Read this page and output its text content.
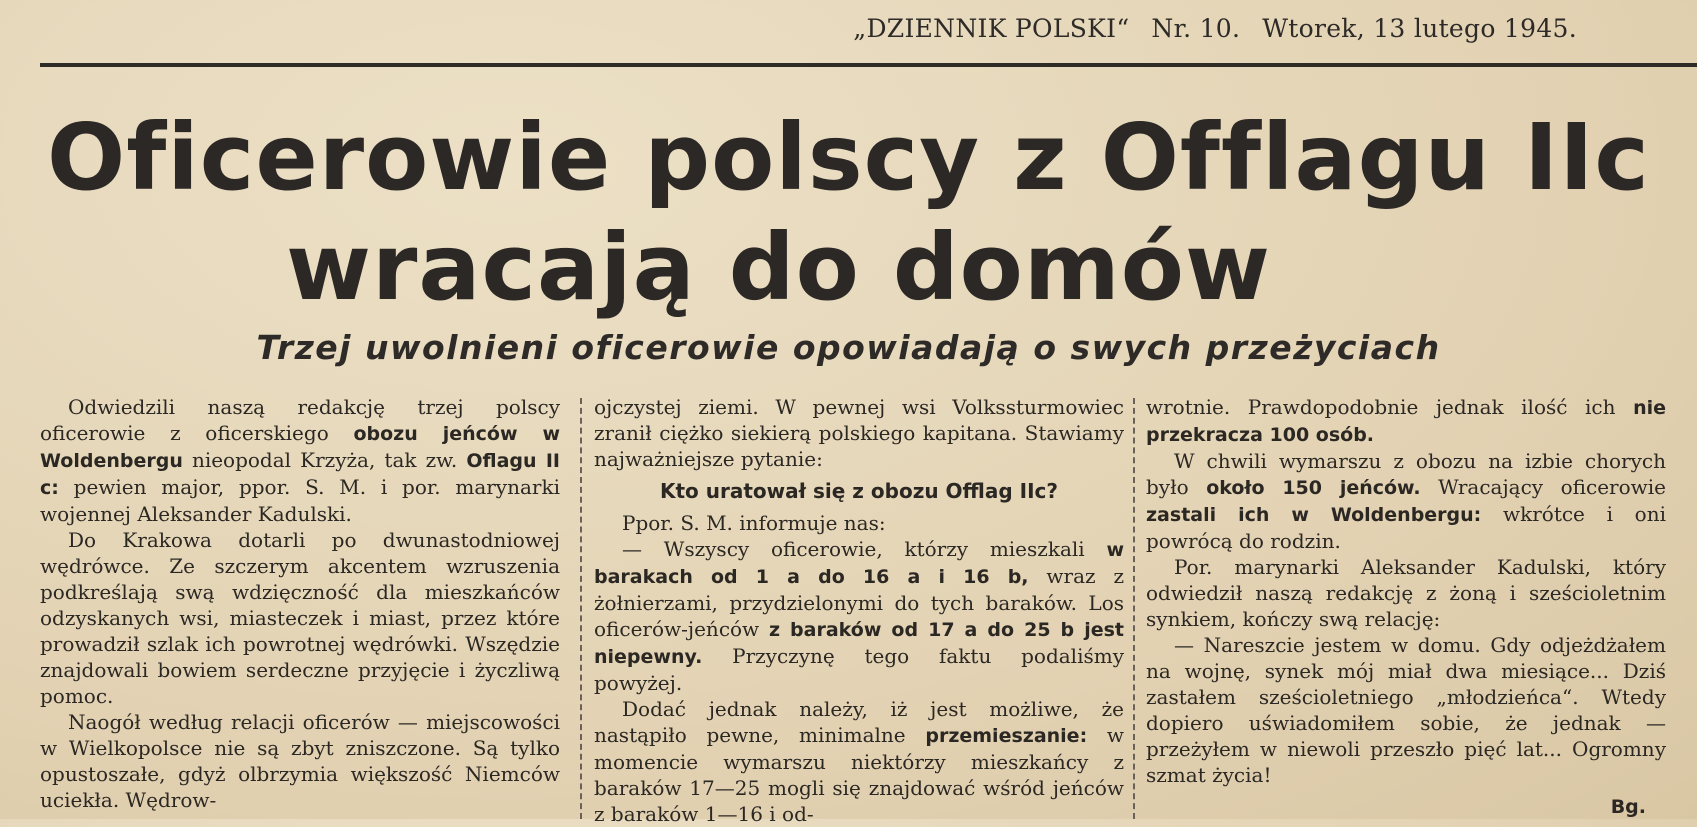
„DZIENNIK POLSKI“ Nr. 10. Wtorek, 13 lutego 1945.
Oficerowie polscy z Offlagu IIc
wracają do domów
Trzej uwolnieni oficerowie opowiadają o swych przeżyciach

Odwiedzili naszą redakcję trzej polscy oficerowie z oficerskiego obozu jeńców w Woldenbergu nieopodal Krzyża, tak zw. Oflagu II c: pewien major, ppor. S. M. i por. marynarki wojennej Aleksander Kadulski.

Do Krakowa dotarli po dwunastodniowej wędrówce. Ze szczerym akcentem wzruszenia podkreślają swą wdzięczność dla mieszkańców odzyskanych wsi, miasteczek i miast, przez które prowadził szlak ich powrotnej wędrówki. Wszędzie znajdowali bowiem serdeczne przyjęcie i życzliwą pomoc.

Naogół według relacji oficerów — miejscowości w Wielkopolsce nie są zbyt zniszczone. Są tylko opustoszałe, gdyż olbrzymia większość Niemców uciekła. Wędrow-

ojczystej ziemi. W pewnej wsi Volkssturmowiec zranił ciężko siekierą polskiego kapitana. Stawiamy najważniejsze pytanie:

Kto uratował się z obozu Offlag IIc?

Ppor. S. M. informuje nas:

— Wszyscy oficerowie, którzy mieszkali w barakach od 1 a do 16 a i 16 b, wraz z żołnierzami, przydzielonymi do tych baraków. Los oficerów-jeńców z baraków od 17 a do 25 b jest niepewny. Przyczynę tego faktu podaliśmy powyżej.

Dodać jednak należy, iż jest możliwe, że nastąpiło pewne, minimalne przemieszanie: w momencie wymarszu niektórzy mieszkańcy z baraków 17—25 mogli się znajdować wśród jeńców z baraków 1—16 i od-

wrotnie. Prawdopodobnie jednak ilość ich nie przekracza 100 osób.

W chwili wymarszu z obozu na izbie chorych było około 150 jeńców. Wracający oficerowie zastali ich w Woldenbergu: wkrótce i oni powrócą do rodzin.

Por. marynarki Aleksander Kadulski, który odwiedził naszą redakcję z żoną i sześcioletnim synkiem, kończy swą relację:

— Nareszcie jestem w domu. Gdy odjeżdżałem na wojnę, synek mój miał dwa miesiące... Dziś zastałem sześcioletniego „młodzieńca“. Wtedy dopiero uświadomiłem sobie, że jednak — przeżyłem w niewoli przeszło pięć lat... Ogromny szmat życia!

Bg.
